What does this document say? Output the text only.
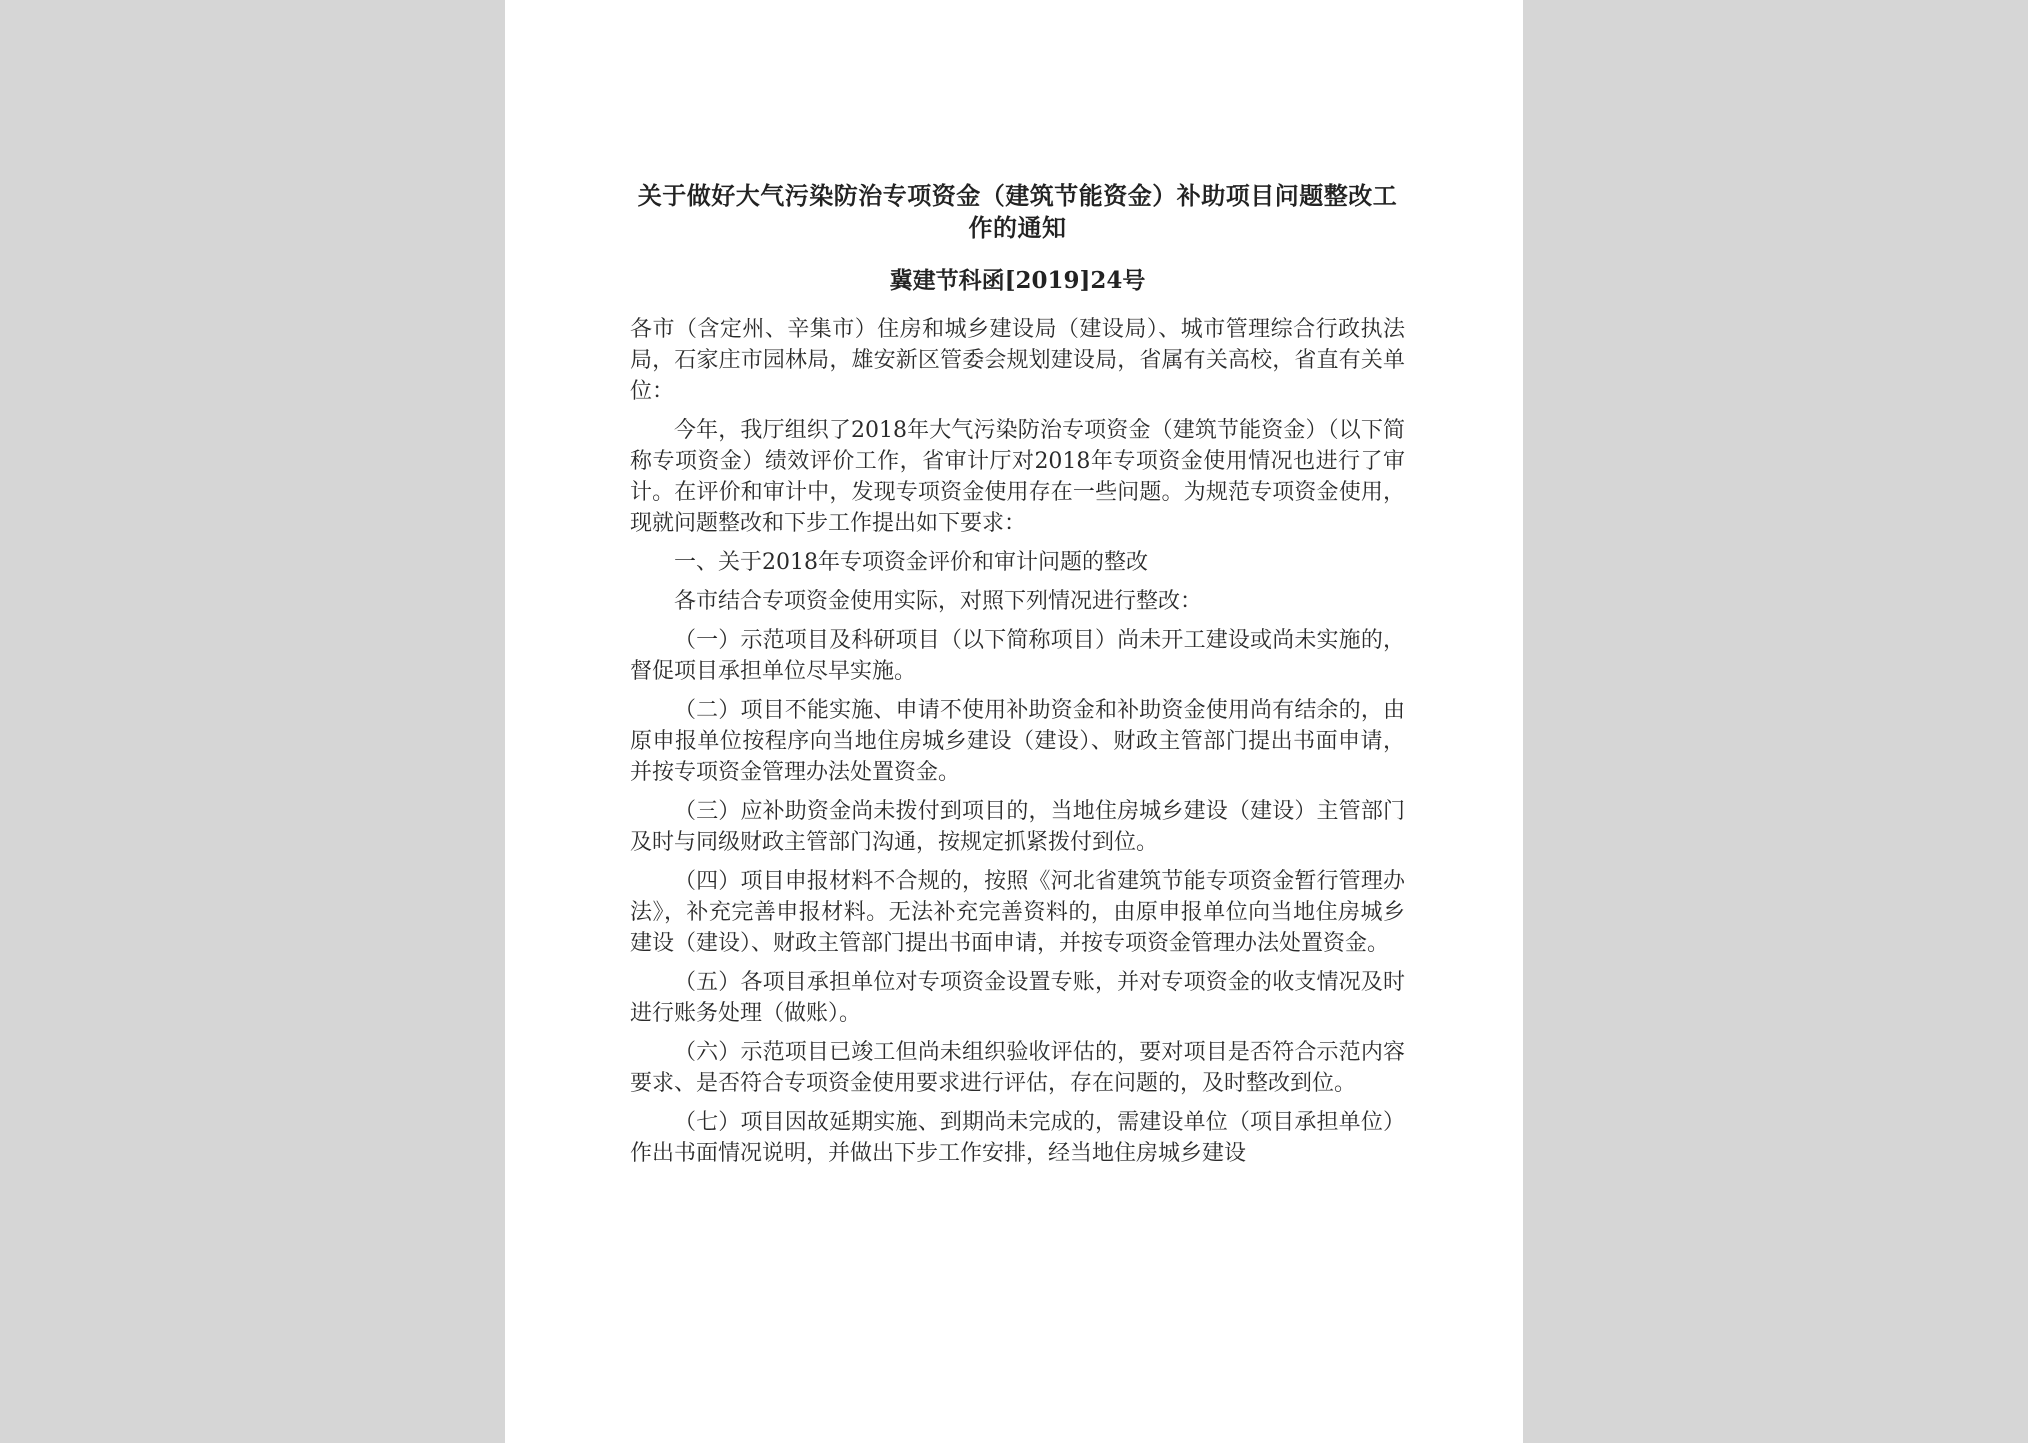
关于做好大气污染防治专项资金（建筑节能资金）补助项目问题整改工作的通知
冀建节科函[2019]24号

各市（含定州、辛集市）住房和城乡建设局（建设局）、城市管理综合行政执法局，石家庄市园林局，雄安新区管委会规划建设局，省属有关高校，省直有关单位：

今年，我厅组织了2018年大气污染防治专项资金（建筑节能资金）（以下简称专项资金）绩效评价工作，省审计厅对2018年专项资金使用情况也进行了审计。在评价和审计中，发现专项资金使用存在一些问题。为规范专项资金使用，现就问题整改和下步工作提出如下要求：

一、关于2018年专项资金评价和审计问题的整改

各市结合专项资金使用实际，对照下列情况进行整改：

（一）示范项目及科研项目（以下简称项目）尚未开工建设或尚未实施的，督促项目承担单位尽早实施。

（二）项目不能实施、申请不使用补助资金和补助资金使用尚有结余的，由原申报单位按程序向当地住房城乡建设（建设）、财政主管部门提出书面申请，并按专项资金管理办法处置资金。

（三）应补助资金尚未拨付到项目的，当地住房城乡建设（建设）主管部门及时与同级财政主管部门沟通，按规定抓紧拨付到位。

（四）项目申报材料不合规的，按照《河北省建筑节能专项资金暂行管理办法》，补充完善申报材料。无法补充完善资料的，由原申报单位向当地住房城乡建设（建设）、财政主管部门提出书面申请，并按专项资金管理办法处置资金。

（五）各项目承担单位对专项资金设置专账，并对专项资金的收支情况及时进行账务处理（做账）。

（六）示范项目已竣工但尚未组织验收评估的，要对项目是否符合示范内容要求、是否符合专项资金使用要求进行评估，存在问题的，及时整改到位。

（七）项目因故延期实施、到期尚未完成的，需建设单位（项目承担单位）作出书面情况说明，并做出下步工作安排，经当地住房城乡建设
